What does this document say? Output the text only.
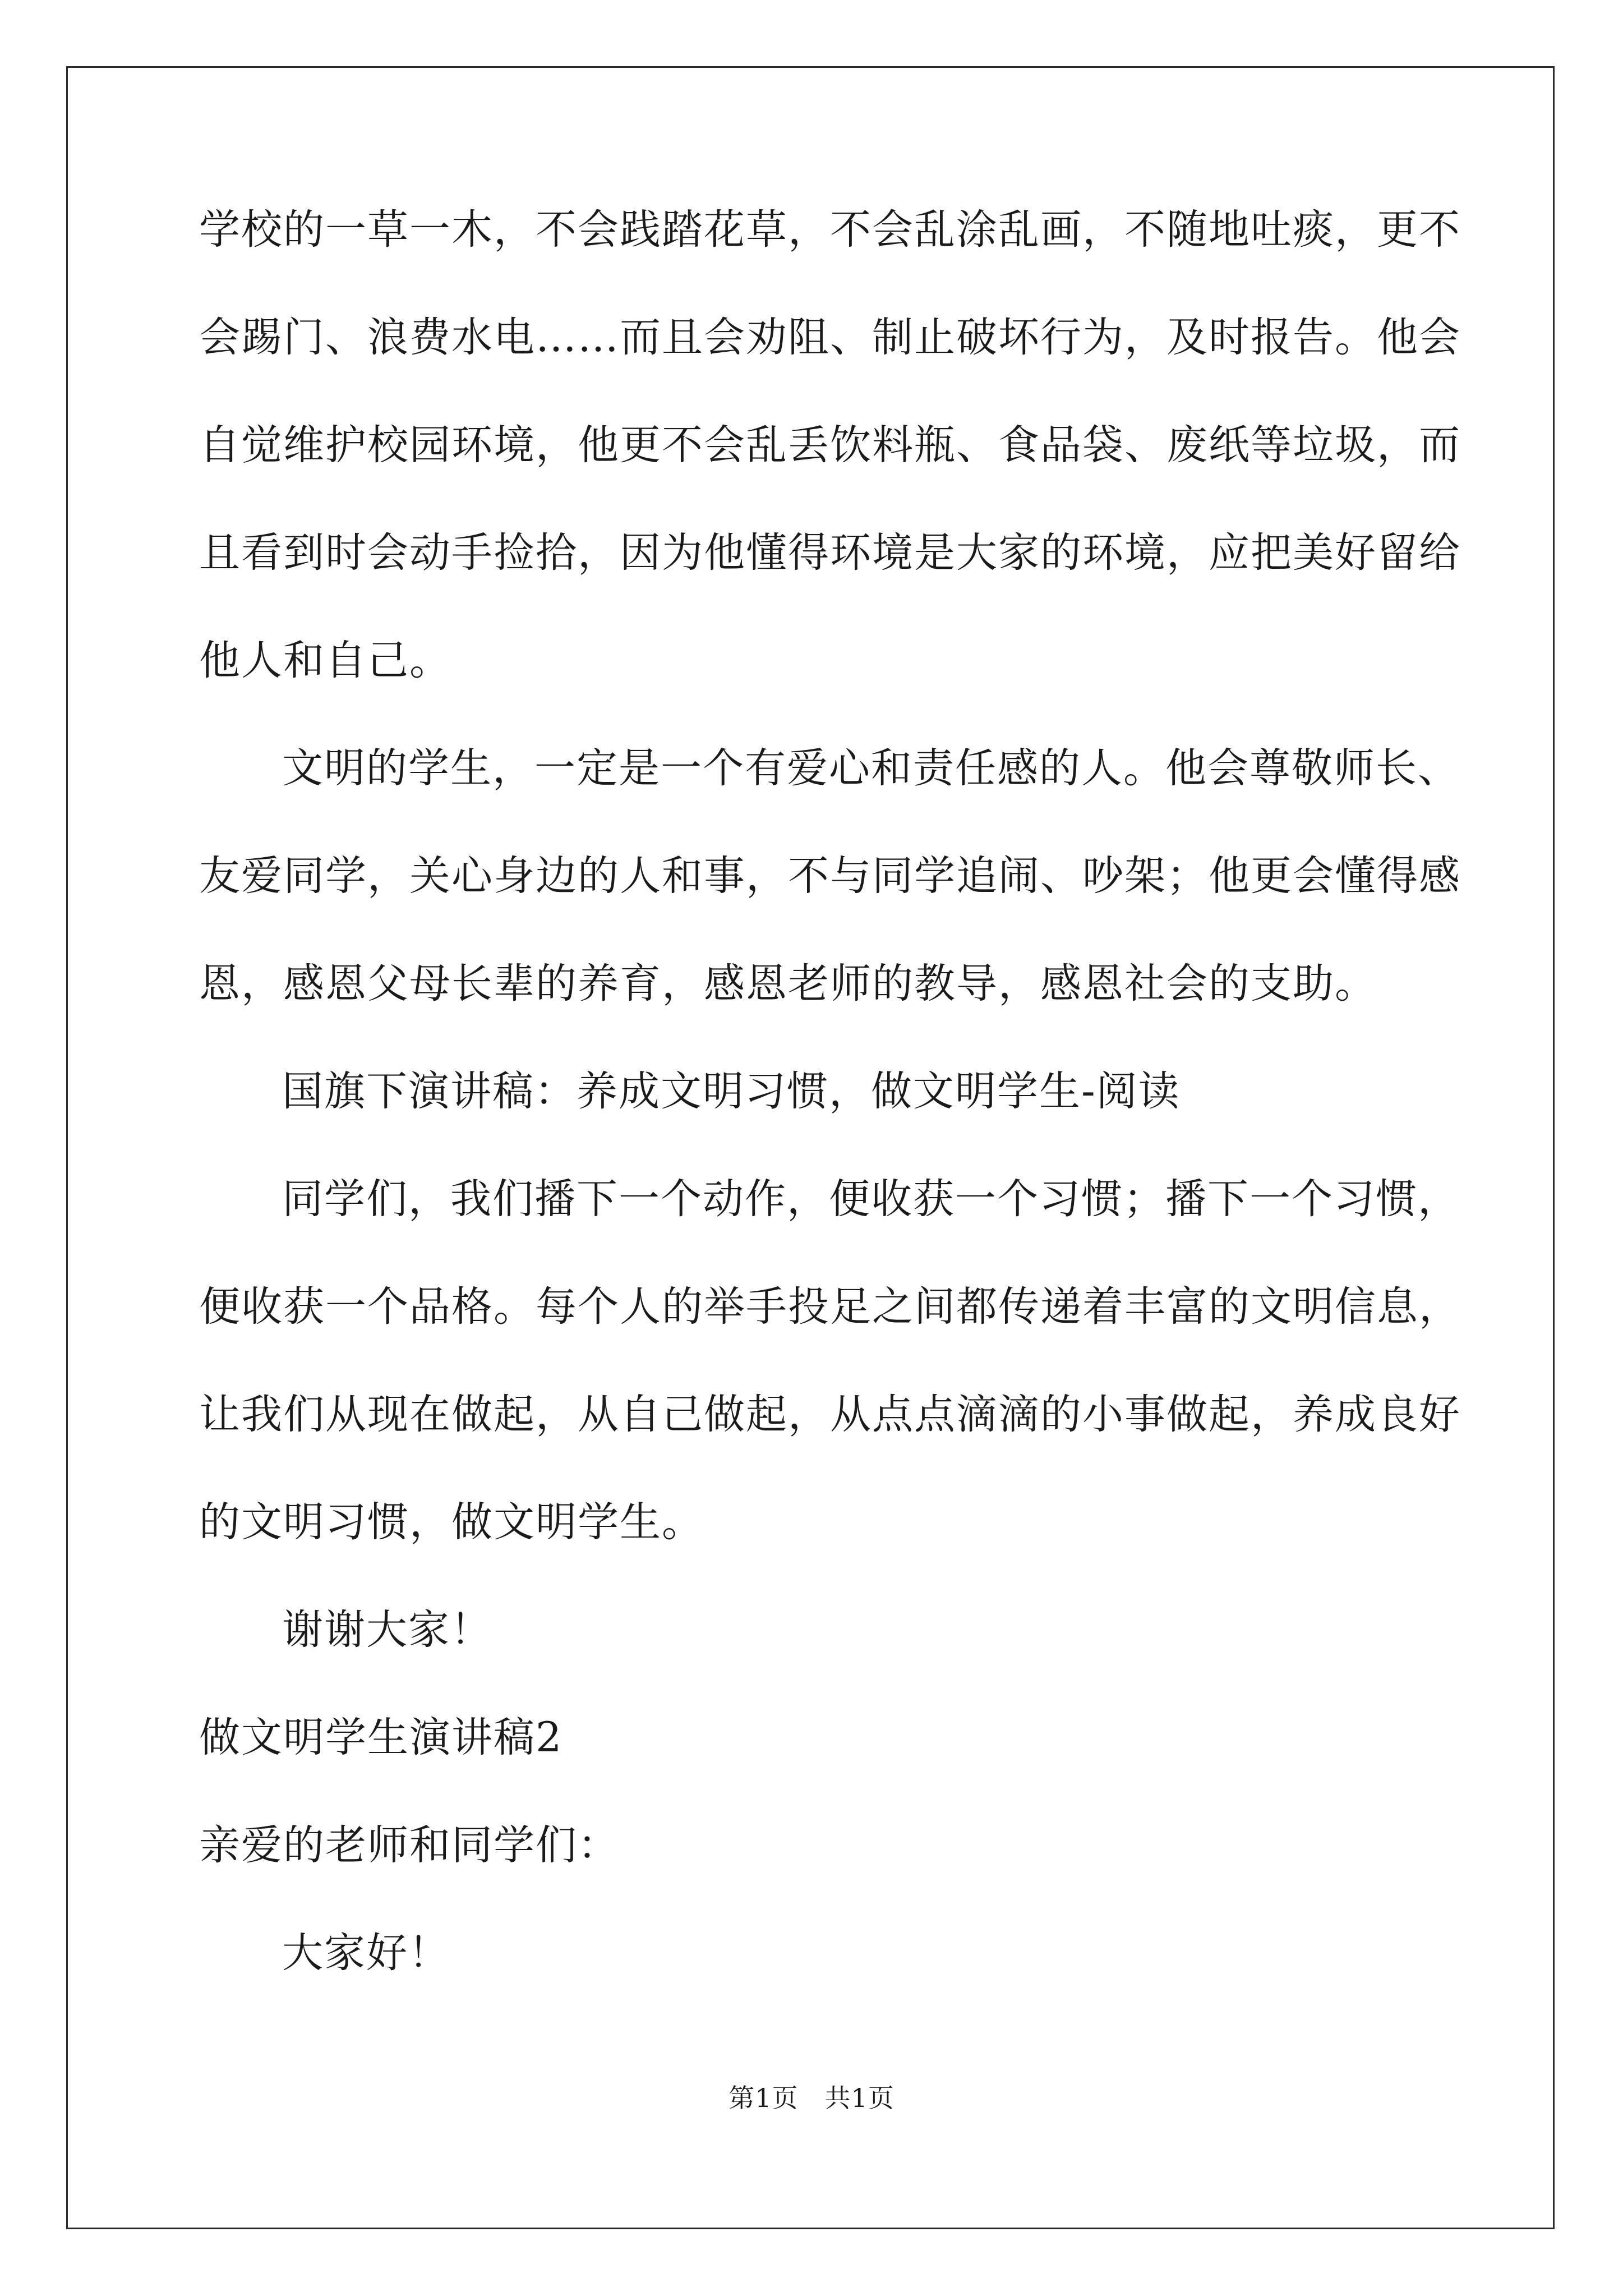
学校的一草一木，不会践踏花草，不会乱涂乱画，不随地吐痰，更不

会踢门、浪费水电……而且会劝阻、制止破坏行为，及时报告。他会

自觉维护校园环境，他更不会乱丢饮料瓶、食品袋、废纸等垃圾，而

且看到时会动手捡拾，因为他懂得环境是大家的环境，应把美好留给

他人和自己。

文明的学生，一定是一个有爱心和责任感的人。他会尊敬师长、

友爱同学，关心身边的人和事，不与同学追闹、吵架；他更会懂得感

恩，感恩父母长辈的养育，感恩老师的教导，感恩社会的支助。

国旗下演讲稿：养成文明习惯，做文明学生-阅读

同学们，我们播下一个动作，便收获一个习惯；播下一个习惯，

便收获一个品格。每个人的举手投足之间都传递着丰富的文明信息，

让我们从现在做起，从自己做起，从点点滴滴的小事做起，养成良好

的文明习惯，做文明学生。

谢谢大家！

做文明学生演讲稿2

亲爱的老师和同学们：

大家好！

第1页　共1页
